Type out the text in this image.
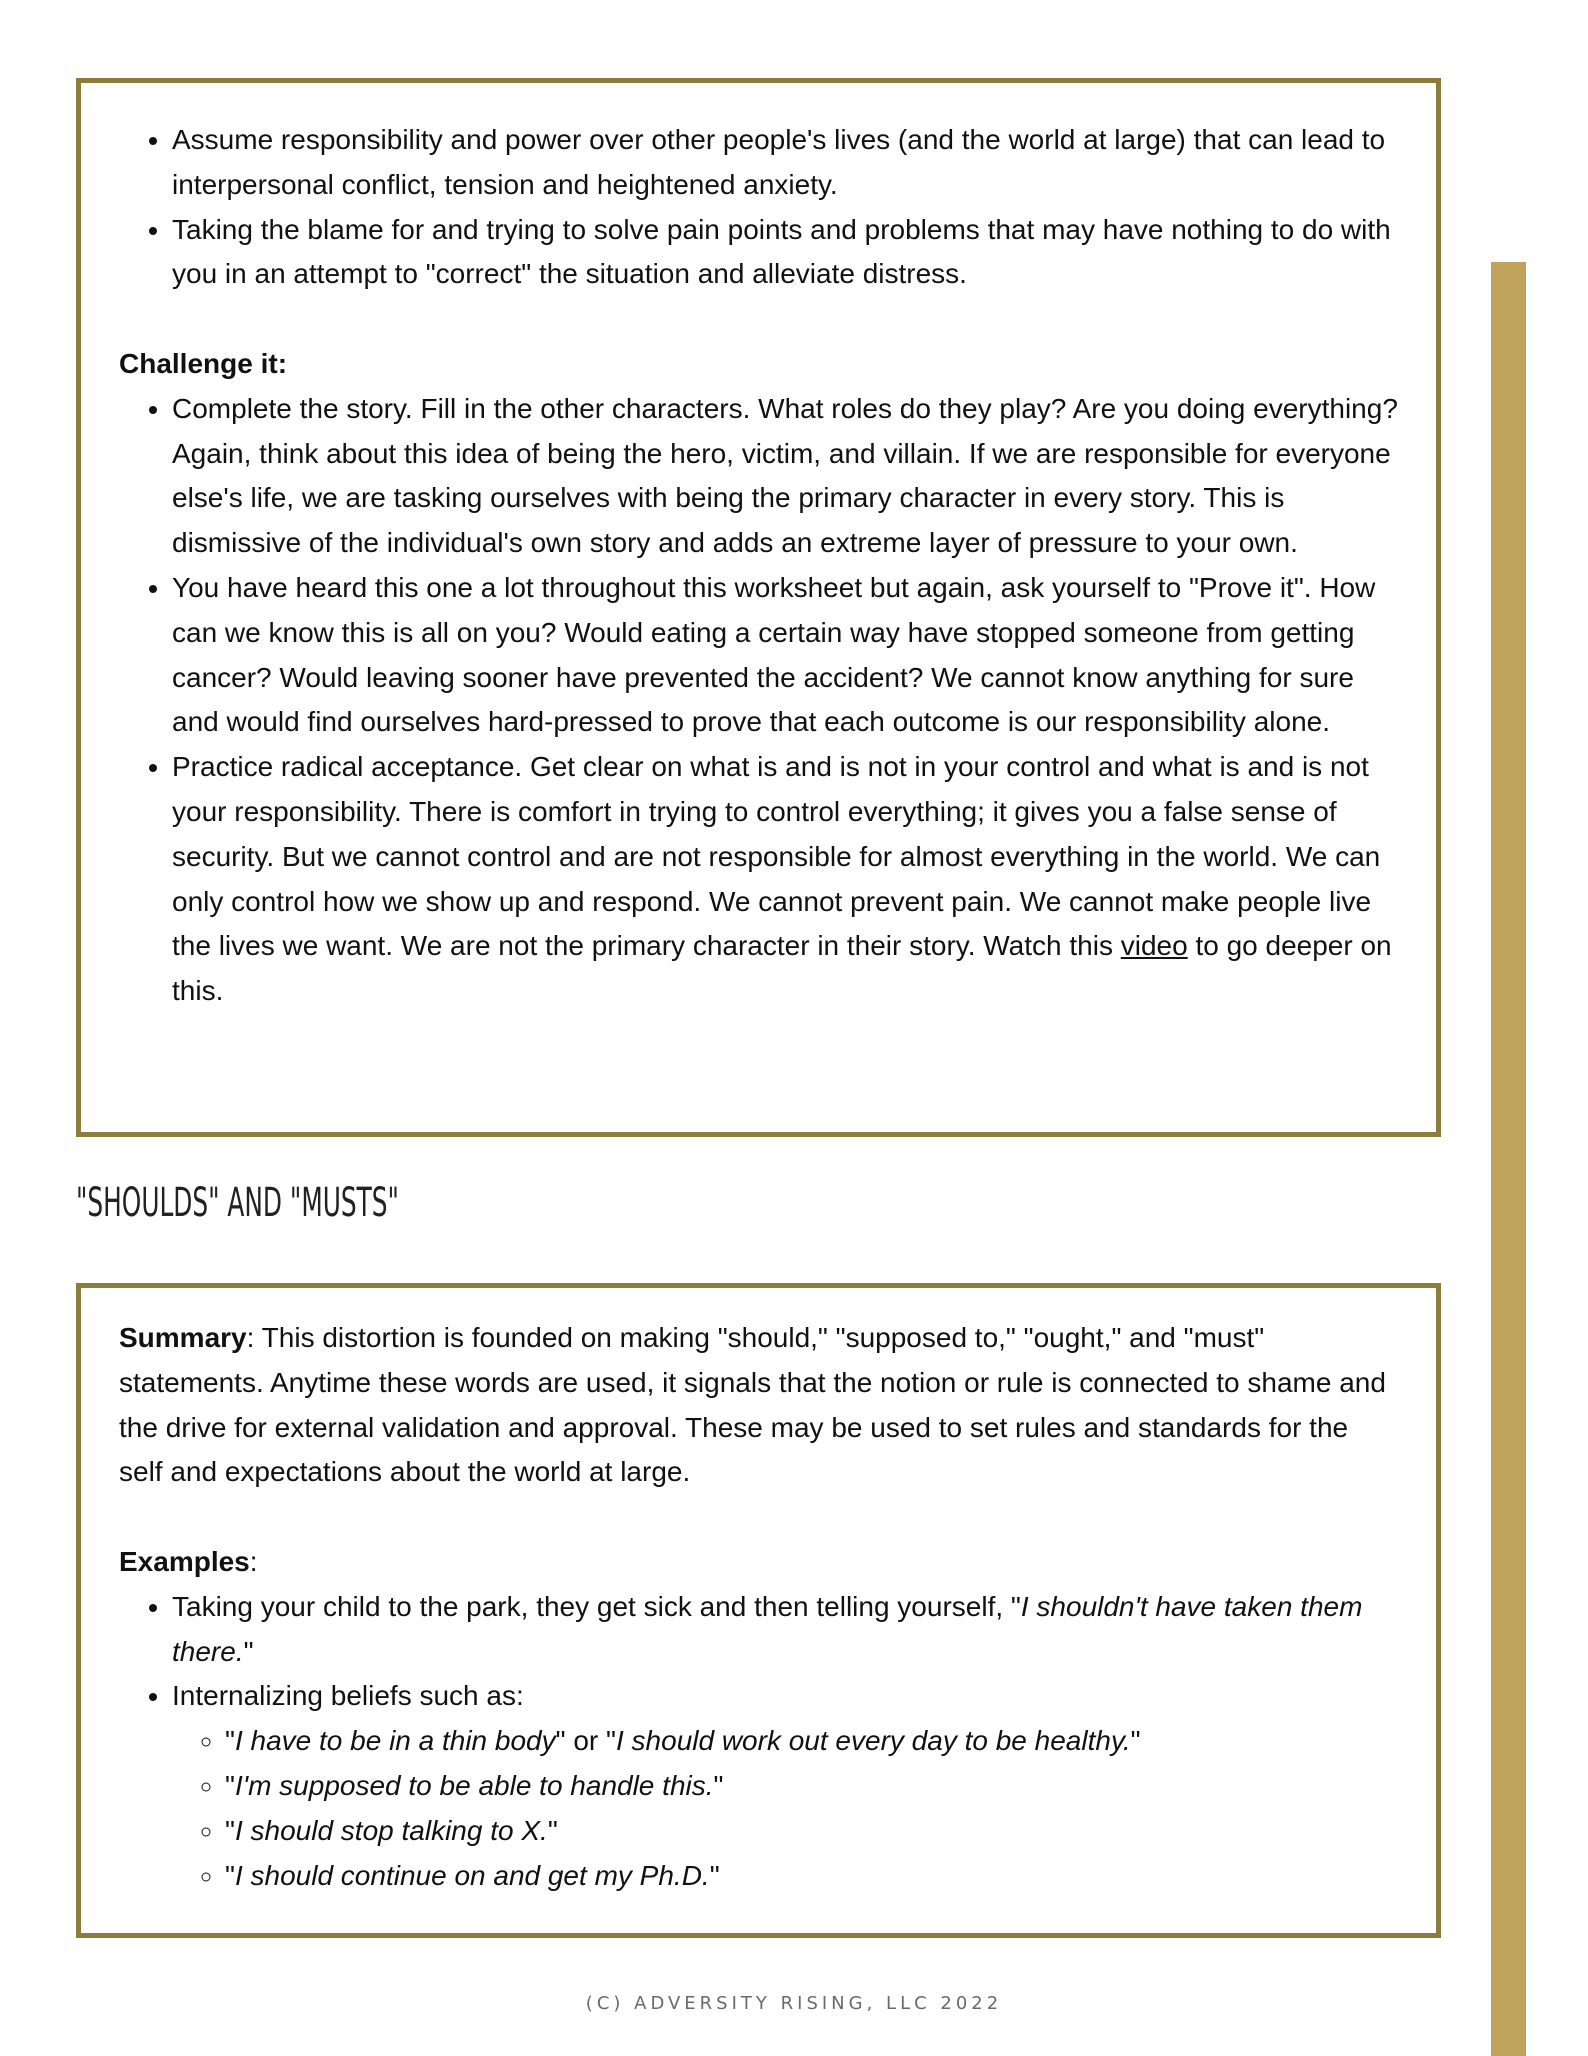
• Assume responsibility and power over other people's lives (and the world at large) that can lead to interpersonal conflict, tension and heightened anxiety.
• Taking the blame for and trying to solve pain points and problems that may have nothing to do with you in an attempt to "correct" the situation and alleviate distress.

Challenge it:

• Complete the story. Fill in the other characters. What roles do they play? Are you doing everything? Again, think about this idea of being the hero, victim, and villain. If we are responsible for everyone else's life, we are tasking ourselves with being the primary character in every story. This is dismissive of the individual's own story and adds an extreme layer of pressure to your own.
• You have heard this one a lot throughout this worksheet but again, ask yourself to "Prove it". How can we know this is all on you? Would eating a certain way have stopped someone from getting cancer? Would leaving sooner have prevented the accident? We cannot know anything for sure and would find ourselves hard-pressed to prove that each outcome is our responsibility alone.
• Practice radical acceptance. Get clear on what is and is not in your control and what is and is not your responsibility. There is comfort in trying to control everything; it gives you a false sense of security. But we cannot control and are not responsible for almost everything in the world. We can only control how we show up and respond. We cannot prevent pain. We cannot make people live the lives we want. We are not the primary character in their story. Watch this video to go deeper on this.
"SHOULDS" AND "MUSTS"

Summary: This distortion is founded on making "should," "supposed to," "ought," and "must" statements. Anytime these words are used, it signals that the notion or rule is connected to shame and the drive for external validation and approval. These may be used to set rules and standards for the self and expectations about the world at large.

Examples:

• Taking your child to the park, they get sick and then telling yourself, "I shouldn't have taken them there."
• Internalizing beliefs such as:
◦ "I have to be in a thin body" or "I should work out every day to be healthy."
◦ "I'm supposed to be able to handle this."
◦ "I should stop talking to X."
◦ "I should continue on and get my Ph.D."
(C) ADVERSITY RISING, LLC 2022
